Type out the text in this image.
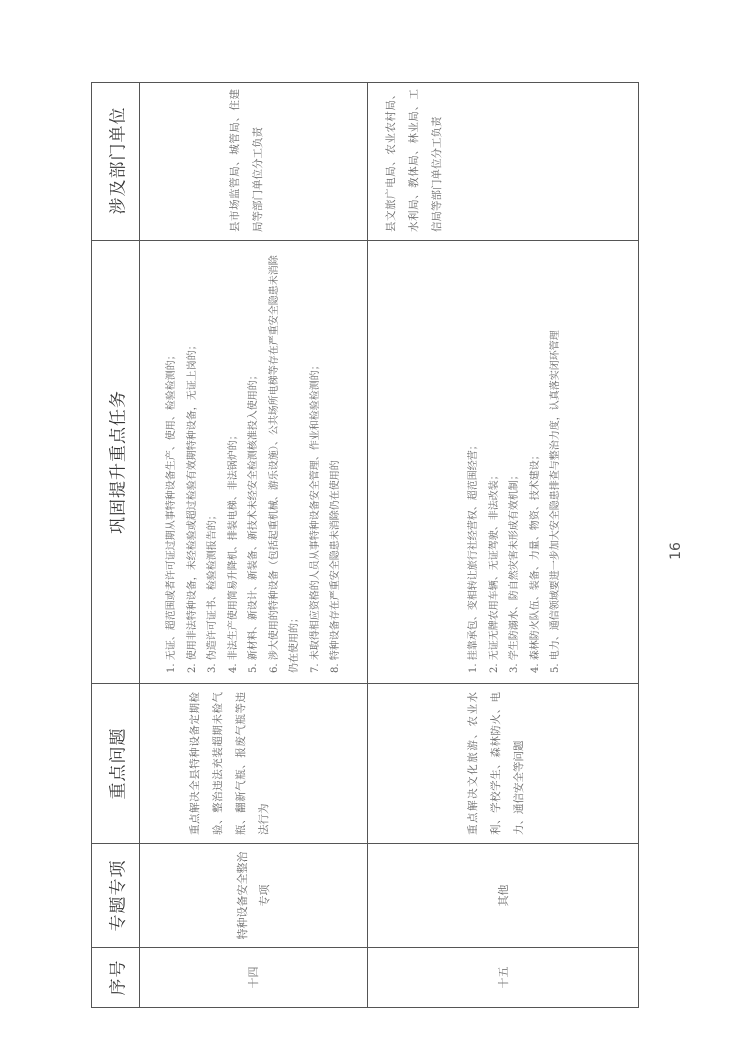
序号
专题专项
重点问题
巩固提升重点任务
涉及部门单位
十四
特种设备安全整治专项
重点解决全县特种设备定期检验、整治违法充装超期未检气瓶、翻新气瓶、报废气瓶等违法行为
1. 无证、超范围或者许可证过期从事特种设备生产、使用、检验检测的； 2. 使用非法特种设备，未经检验或超过检验有效期特种设备，无证上岗的； 3. 伪造许可证书、检验检测报告的； 4. 非法生产使用简易升降机、排装电梯、非法锅炉的； 5. 新材料、新设计、新装备、新技术未经安全检测核准投入使用的； 6. 涉大使用的特种设备（包括起重机械、游乐设施）、公共场所电梯等存在严重安全隐患未消除仍在使用的； 7. 未取得相应资格的人员从事特种设备安全管理、作业和检验检测的； 8. 特种设备存在严重安全隐患未消除仍在使用的
县市场监管局、城管局、住建局等部门单位分工负责
十五
其他
重点解决文化旅游、农业水利、学校学生、森林防火、电力、通信安全等问题
1. 挂靠承包、变相转让旅行社经营权、超范围经营； 2. 无证无牌农用车辆、无证驾驶、非法改装； 3. 学生防溺水、防自然灾害未形成有效机制； 4. 森林防火队伍、装备、力量、物资、技术建设； 5. 电力、通信领域要进一步加大安全隐患排查与整治力度，认真落实闭环管理
县文旅广电局、农业农村局、水利局、教体局、林业局、工信局等部门单位分工负责
16
